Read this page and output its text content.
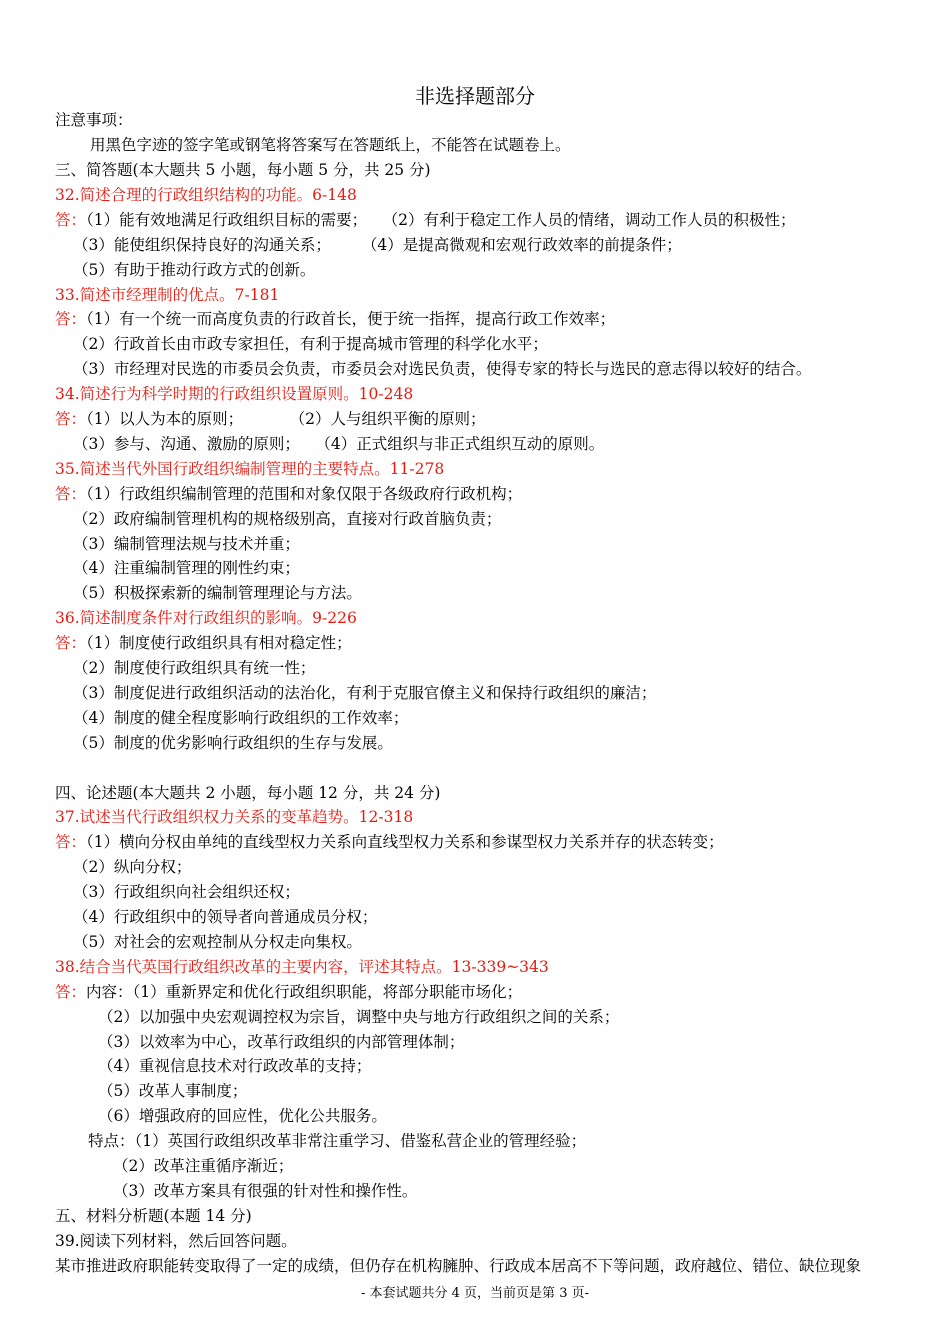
非选择题部分
注意事项：
用黑色字迹的签字笔或钢笔将答案写在答题纸上，不能答在试题卷上。
三、简答题(本大题共 5 小题，每小题 5 分，共 25 分)
32.简述合理的行政组织结构的功能。6-148
答：（1）能有效地满足行政组织目标的需要；　　（2）有利于稳定工作人员的情绪，调动工作人员的积极性；
（3）能使组织保持良好的沟通关系；　　　（4）是提高微观和宏观行政效率的前提条件；
（5）有助于推动行政方式的创新。
33.简述市经理制的优点。7-181
答：（1）有一个统一而高度负责的行政首长，便于统一指挥，提高行政工作效率；
（2）行政首长由市政专家担任，有利于提高城市管理的科学化水平；
（3）市经理对民选的市委员会负责，市委员会对选民负责，使得专家的特长与选民的意志得以较好的结合。
34.简述行为科学时期的行政组织设置原则。10-248
答：（1）以人为本的原则；　　　　（2）人与组织平衡的原则；
（3）参与、沟通、激励的原则；　　（4）正式组织与非正式组织互动的原则。
35.简述当代外国行政组织编制管理的主要特点。11-278
答：（1）行政组织编制管理的范围和对象仅限于各级政府行政机构；
（2）政府编制管理机构的规格级别高，直接对行政首脑负责；
（3）编制管理法规与技术并重；
（4）注重编制管理的刚性约束；
（5）积极探索新的编制管理理论与方法。
36.简述制度条件对行政组织的影响。9-226
答：（1）制度使行政组织具有相对稳定性；
（2）制度使行政组织具有统一性；
（3）制度促进行政组织活动的法治化，有利于克服官僚主义和保持行政组织的廉洁；
（4）制度的健全程度影响行政组织的工作效率；
（5）制度的优劣影响行政组织的生存与发展。
四、论述题(本大题共 2 小题，每小题 12 分，共 24 分)
37.试述当代行政组织权力关系的变革趋势。12-318
答：（1）横向分权由单纯的直线型权力关系向直线型权力关系和参谋型权力关系并存的状态转变；
（2）纵向分权；
（3）行政组织向社会组织还权；
（4）行政组织中的领导者向普通成员分权；
（5）对社会的宏观控制从分权走向集权。
38.结合当代英国行政组织改革的主要内容，评述其特点。13-339~343
答：内容：（1）重新界定和优化行政组织职能，将部分职能市场化；
（2）以加强中央宏观调控权为宗旨，调整中央与地方行政组织之间的关系；
（3）以效率为中心，改革行政组织的内部管理体制；
（4）重视信息技术对行政改革的支持；
（5）改革人事制度；
（6）增强政府的回应性，优化公共服务。
特点：（1）英国行政组织改革非常注重学习、借鉴私营企业的管理经验；
（2）改革注重循序渐近；
（3）改革方案具有很强的针对性和操作性。
五、材料分析题(本题 14 分)
39.阅读下列材料，然后回答问题。
某市推进政府职能转变取得了一定的成绩，但仍存在机构臃肿、行政成本居高不下等问题，政府越位、错位、缺位现象
- 本套试题共分 4 页，当前页是第 3 页-
